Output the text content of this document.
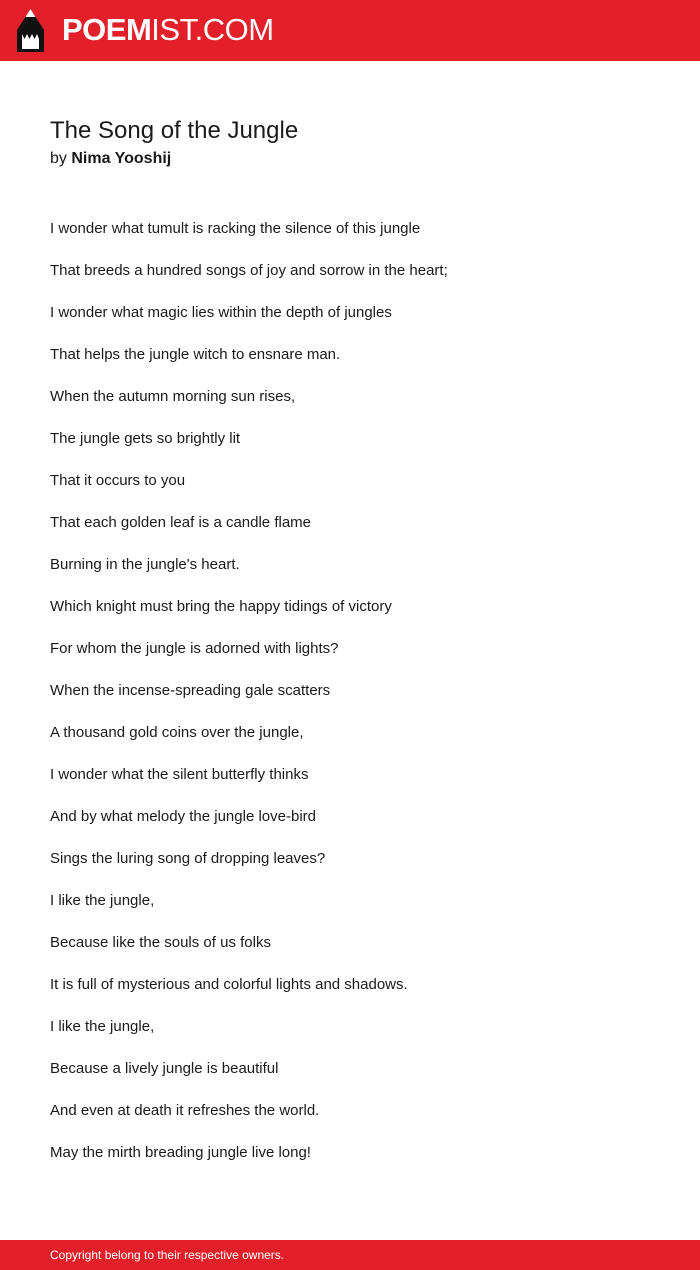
POEMIST.COM
The Song of the Jungle
by Nima Yooshij
I wonder what tumult is racking the silence of this jungle
That breeds a hundred songs of joy and sorrow in the heart;
I wonder what magic lies within the depth of jungles
That helps the jungle witch to ensnare man.
When the autumn morning sun rises,
The jungle gets so brightly lit
That it occurs to you
That each golden leaf is a candle flame
Burning in the jungle's heart.
Which knight must bring the happy tidings of victory
For whom the jungle is adorned with lights?
When the incense-spreading gale scatters
A thousand gold coins over the jungle,
I wonder what the silent butterfly thinks
And by what melody the jungle love-bird
Sings the luring song of dropping leaves?
I like the jungle,
Because like the souls of us folks
It is full of mysterious and colorful lights and shadows.
I like the jungle,
Because a lively jungle is beautiful
And even at death it refreshes the world.
May the mirth breading jungle live long!
Copyright belong to their respective owners.
